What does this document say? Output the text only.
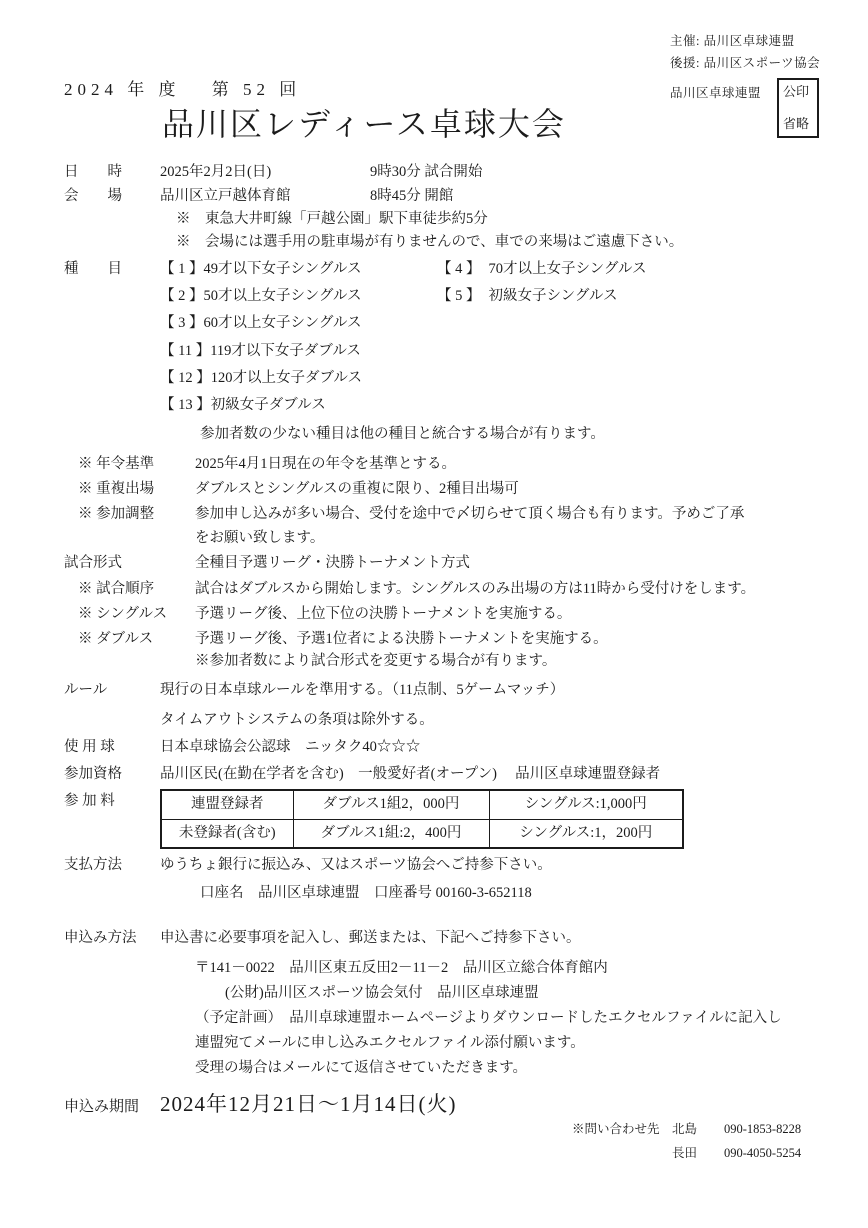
主催: 品川区卓球連盟
後援: 品川区スポーツ協会
品川区卓球連盟 公印
省略
2024 年 度　 第 52 回
品川区レディース卓球大会
日　　時	2025年2月2日(日)	9時30分 試合開始
会　　場	品川区立戸越体育館	8時45分 開館
※　東急大井町線「戸越公園」駅下車徒歩約5分
※　会場には選手用の駐車場が有りませんので、車での来場はご遠慮下さい。
種　　目	【 1 】 49才以下女子シングルス	【 4 】 70才以上女子シングルス
【 2 】 50才以上女子シングルス	【 5 】 初級女子シングルス
【 3 】 60才以上女子シングルス
【 11 】 119才以下女子ダブルス
【 12 】 120才以上女子ダブルス
【 13 】 初級女子ダブルス
参加者数の少ない種目は他の種目と統合する場合が有ります。
※ 年令基準	2025年4月1日現在の年令を基準とする。
※ 重複出場	ダブルスとシングルスの重複に限り、2種目出場可
※ 参加調整	参加申し込みが多い場合、受付を途中で〆切らせて頂く場合も有ります。予めご了承
をお願い致します。
試合形式	全種目予選リーグ・決勝トーナメント方式
※ 試合順序	試合はダブルスから開始します。シングルスのみ出場の方は11時から受付けをします。
※ シングルス	予選リーグ後、上位下位の決勝トーナメントを実施する。
※ ダブルス	予選リーグ後、予選1位者による決勝トーナメントを実施する。
※参加者数により試合形式を変更する場合が有ります。
ルール	現行の日本卓球ルールを準用する。（11点制、5ゲームマッチ）
タイムアウトシステムの条項は除外する。
使 用 球	日本卓球協会公認球　ニッタク40☆☆☆
参加資格	品川区民(在勤在学者を含む)　一般愛好者(オープン)　 品川区卓球連盟登録者
参 加 料	連盟登録者	ダブルス1組2，000円	シングルス:1,000円
未登録者(含む)	ダブルス1組:2，400円	シングルス:1，200円
支払方法	ゆうちょ銀行に振込み、又はスポーツ協会へご持参下さい。
口座名　品川区卓球連盟　口座番号 00160-3-652118
申込み方法	申込書に必要事項を記入し、郵送または、下記へご持参下さい。
〒141－0022　品川区東五反田2－11－2　品川区立総合体育館内
(公財)品川区スポーツ協会気付　品川区卓球連盟
（予定計画）　品川卓球連盟ホームページよりダウンロードしたエクセルファイルに記入し
連盟宛てメールに申し込みエクセルファイル添付願います。
受理の場合はメールにて返信させていただきます。
申込み期間 2024年12月21日～1月14日(火)
※問い合わせ先 北島	090-1853-8228
長田	090-4050-5254
